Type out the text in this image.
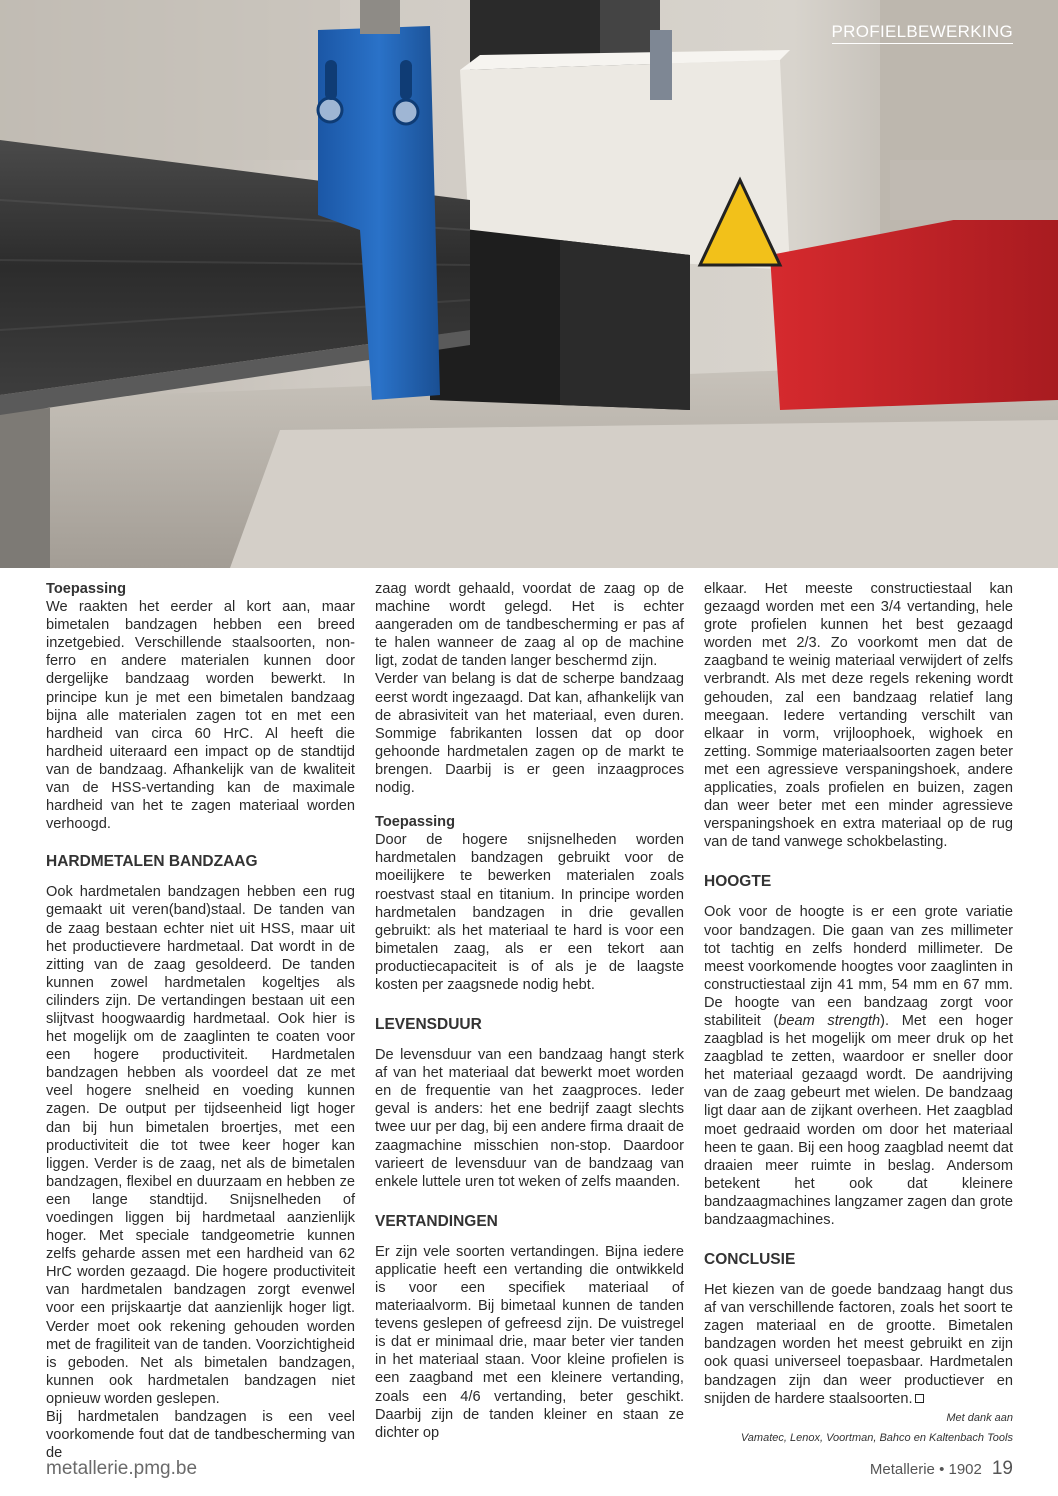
PROFIELBEWERKING
Toepassing

We raakten het eerder al kort aan, maar bimetalen bandzagen hebben een breed inzetgebied. Verschillende staalsoorten, nonferro en andere materialen kunnen door dergelijke bandzaag worden bewerkt. In principe kun je met een bimetalen bandzaag bijna alle materialen zagen tot en met een hardheid van circa 60 HrC. Al heeft die hardheid uiteraard een impact op de standtijd van de bandzaag. Afhankelijk van de kwaliteit van de HSS-vertanding kan de maximale hardheid van het te zagen materiaal worden verhoogd.

HARDMETALEN BANDZAAG

Ook hardmetalen bandzagen hebben een rug gemaakt uit veren(band)staal. De tanden van de zaag bestaan echter niet uit HSS, maar uit het productievere hardmetaal. Dat wordt in de zitting van de zaag gesoldeerd. De tanden kunnen zowel hardmetalen kogeltjes als cilinders zijn. De vertandingen bestaan uit een slijtvast hoogwaardig hardmetaal. Ook hier is het mogelijk om de zaaglinten te coaten voor een hogere productiviteit. Hardmetalen bandzagen hebben als voordeel dat ze met veel hogere snelheid en voeding kunnen zagen. De output per tijdseenheid ligt hoger dan bij hun bimetalen broertjes, met een productiviteit die tot twee keer hoger kan liggen. Verder is de zaag, net als de bimetalen bandzagen, flexibel en duurzaam en hebben ze een lange standtijd. Snijsnelheden of voedingen liggen bij hardmetaal aanzienlijk hoger. Met speciale tandgeometrie kunnen zelfs geharde assen met een hardheid van 62 HrC worden gezaagd. Die hogere productiviteit van hardmetalen bandzagen zorgt evenwel voor een prijskaartje dat aanzienlijk hoger ligt. Verder moet ook rekening gehouden worden met de fragiliteit van de tanden. Voorzichtigheid is geboden. Net als bimetalen bandzagen, kunnen ook hardmetalen bandzagen niet opnieuw worden geslepen.

Bij hardmetalen bandzagen is een veel voorkomende fout dat de tandbescherming van de

zaag wordt gehaald, voordat de zaag op de machine wordt gelegd. Het is echter aangeraden om de tandbescherming er pas af te halen wanneer de zaag al op de machine ligt, zodat de tanden langer beschermd zijn.

Verder van belang is dat de scherpe bandzaag eerst wordt ingezaagd. Dat kan, afhankelijk van de abrasiviteit van het materiaal, even duren. Sommige fabrikanten lossen dat op door gehoonde hardmetalen zagen op de markt te brengen. Daarbij is er geen inzaagproces nodig.

Toepassing

Door de hogere snijsnelheden worden hardmetalen bandzagen gebruikt voor de moeilijkere te bewerken materialen zoals roestvast staal en titanium. In principe worden hardmetalen bandzagen in drie gevallen gebruikt: als het materiaal te hard is voor een bimetalen zaag, als er een tekort aan productiecapaciteit is of als je de laagste kosten per zaagsnede nodig hebt.

LEVENSDUUR

De levensduur van een bandzaag hangt sterk af van het materiaal dat bewerkt moet worden en de frequentie van het zaagproces. Ieder geval is anders: het ene bedrijf zaagt slechts twee uur per dag, bij een andere firma draait de zaagmachine misschien non-stop. Daardoor varieert de levensduur van de bandzaag van enkele luttele uren tot weken of zelfs maanden.

VERTANDINGEN

Er zijn vele soorten vertandingen. Bijna iedere applicatie heeft een vertanding die ontwikkeld is voor een specifiek materiaal of materiaalvorm. Bij bimetaal kunnen de tanden tevens geslepen of gefreesd zijn. De vuistregel is dat er minimaal drie, maar beter vier tanden in het materiaal staan. Voor kleine profielen is een zaagband met een kleinere vertanding, zoals een 4/6 vertanding, beter geschikt. Daarbij zijn de tanden kleiner en staan ze dichter op

elkaar. Het meeste constructiestaal kan gezaagd worden met een 3/4 vertanding, hele grote profielen kunnen het best gezaagd worden met 2/3. Zo voorkomt men dat de zaagband te weinig materiaal verwijdert of zelfs verbrandt. Als met deze regels rekening wordt gehouden, zal een bandzaag relatief lang meegaan. Iedere vertanding verschilt van elkaar in vorm, vrijloophoek, wighoek en zetting. Sommige materiaalsoorten zagen beter met een agressieve verspaningshoek, andere applicaties, zoals profielen en buizen, zagen dan weer beter met een minder agressieve verspaningshoek en extra materiaal op de rug van de tand vanwege schokbelasting.

HOOGTE

Ook voor de hoogte is er een grote variatie voor bandzagen. Die gaan van zes millimeter tot tachtig en zelfs honderd millimeter. De meest voorkomende hoogtes voor zaaglinten in constructiestaal zijn 41 mm, 54 mm en 67 mm. De hoogte van een bandzaag zorgt voor stabiliteit (beam strength). Met een hoger zaagblad is het mogelijk om meer druk op het zaagblad te zetten, waardoor er sneller door het materiaal gezaagd wordt. De aandrijving van de zaag gebeurt met wielen. De bandzaag ligt daar aan de zijkant overheen. Het zaagblad moet gedraaid worden om door het materiaal heen te gaan. Bij een hoog zaagblad neemt dat draaien meer ruimte in beslag. Andersom betekent het ook dat kleinere bandzaagmachines langzamer zagen dan grote bandzaagmachines.

CONCLUSIE

Het kiezen van de goede bandzaag hangt dus af van verschillende factoren, zoals het soort te zagen materiaal en de grootte. Bimetalen bandzagen worden het meest gebruikt en zijn ook quasi universeel toepasbaar. Hardmetalen bandzagen zijn dan weer productiever en snijden de hardere staalsoorten.

Met dank aan
Vamatec, Lenox, Voortman, Bahco en Kaltenbach Tools
metallerie.pmg.be	Metallerie • 1902 19
